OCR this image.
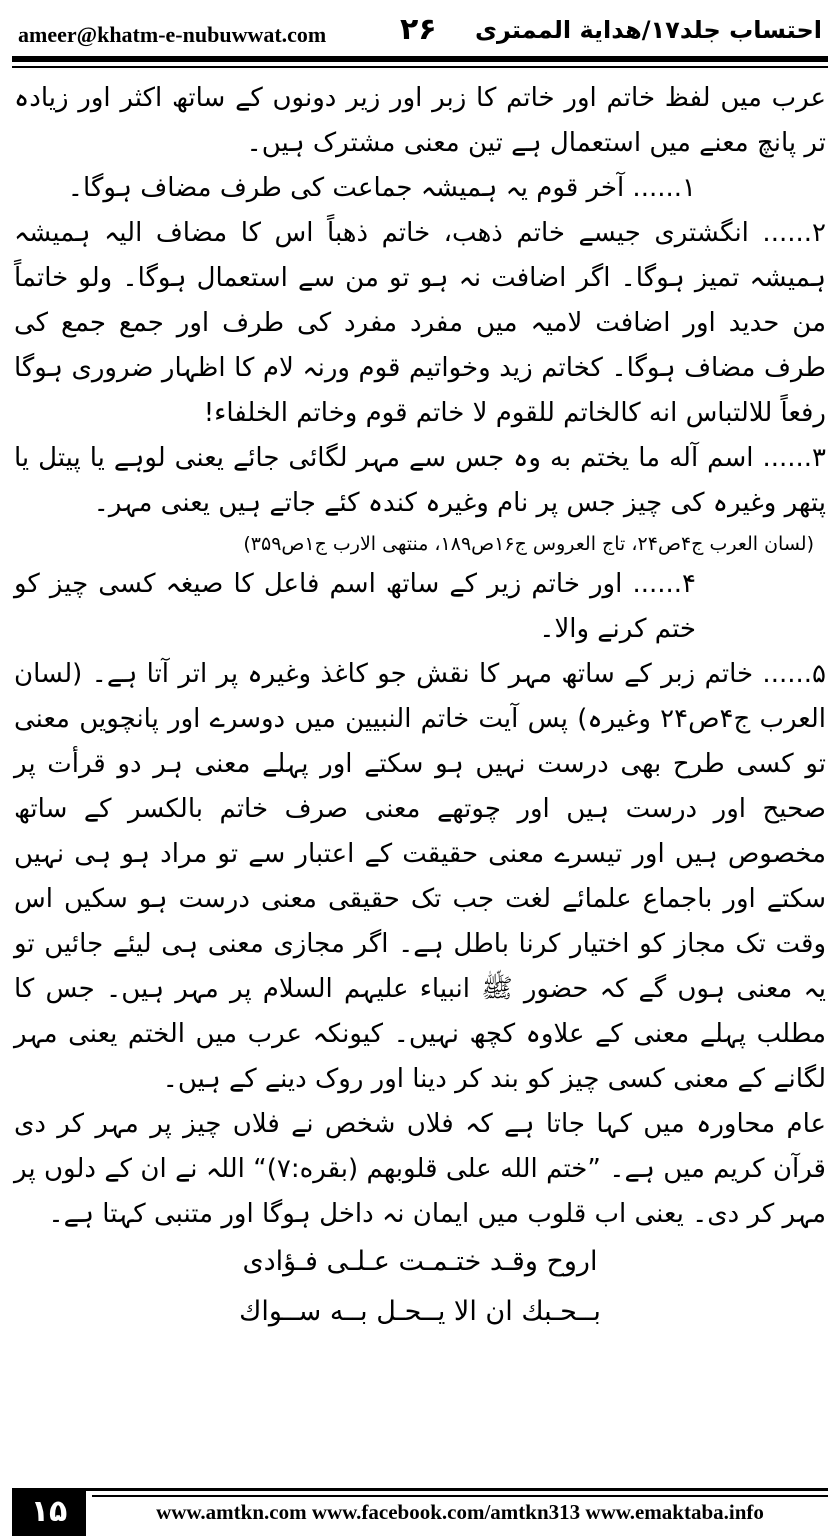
ameer@khatm-e-nubuwwat.com ۲۶ احتساب جلد۱۷/هداية الممترى

عرب میں لفظ خاتم اور خاتم کا زبر اور زیر دونوں کے ساتھ اکثر اور زیادہ تر پانچ معنے میں استعمال ہے تین معنی مشترک ہیں۔

۱...... آخر قوم یہ ہمیشہ جماعت کی طرف مضاف ہوگا۔

۲...... انگشتری جیسے خاتم ذهب، خاتم ذهباً اس کا مضاف الیہ ہمیشہ ہمیشہ تمیز ہوگا۔ اگر اضافت نہ ہو تو من سے استعمال ہوگا۔ ولو خاتماً من حديد اور اضافت لامیہ میں مفرد مفرد کی طرف اور جمع جمع کی طرف مضاف ہوگا۔ کخاتم زيد وخواتيم قوم ورنہ لام کا اظہار ضروری ہوگا رفعاً للالتباس انه كالخاتم للقوم لا خاتم قوم وخاتم الخلفاء!

۳...... اسم آله ما يختم به وہ جس سے مہر لگائی جائے یعنی لوہے یا پیتل یا پتھر وغیرہ کی چیز جس پر نام وغیرہ کندہ کئے جاتے ہیں یعنی مہر۔

(لسان العرب ج۴ص۲۴، تاج العروس ج۱۶ص۱۸۹، منتهى الارب ج۱ص۳۵۹)

۴...... اور خاتم زیر کے ساتھ اسم فاعل کا صیغہ کسی چیز کو ختم کرنے والا۔

۵...... خاتم زبر کے ساتھ مہر کا نقش جو کاغذ وغیرہ پر اتر آتا ہے۔ (لسان العرب ج۴ص۲۴ وغیرہ) پس آیت خاتم النبیین میں دوسرے اور پانچویں معنی تو کسی طرح بھی درست نہیں ہو سکتے اور پہلے معنی ہر دو قرأت پر صحیح اور درست ہیں اور چوتھے معنی صرف خاتم بالکسر کے ساتھ مخصوص ہیں اور تیسرے معنی حقیقت کے اعتبار سے تو مراد ہو ہی نہیں سکتے اور باجماع علمائے لغت جب تک حقیقی معنی درست ہو سکیں اس وقت تک مجاز کو اختیار کرنا باطل ہے۔ اگر مجازی معنی ہی لیئے جائیں تو یہ معنی ہوں گے کہ حضور ﷺ انبیاء علیہم السلام پر مہر ہیں۔ جس کا مطلب پہلے معنی کے علاوہ کچھ نہیں۔ کیونکہ عرب میں الختم یعنی مہر لگانے کے معنی کسی چیز کو بند کر دینا اور روک دینے کے ہیں۔

عام محاورہ میں کہا جاتا ہے کہ فلاں شخص نے فلاں چیز پر مہر کر دی قرآن کریم میں ہے۔ ”ختم الله على قلوبهم (بقره:۷)“ اللہ نے ان کے دلوں پر مہر کر دی۔ یعنی اب قلوب میں ایمان نہ داخل ہوگا اور متنبی کہتا ہے۔

اروح وقـد ختـمـت عـلـى فـؤادى

بــحـبك ان الا يــحـل بــه ســواك

۱۵	www.amtkn.com www.facebook.com/amtkn313 www.emaktaba.info
